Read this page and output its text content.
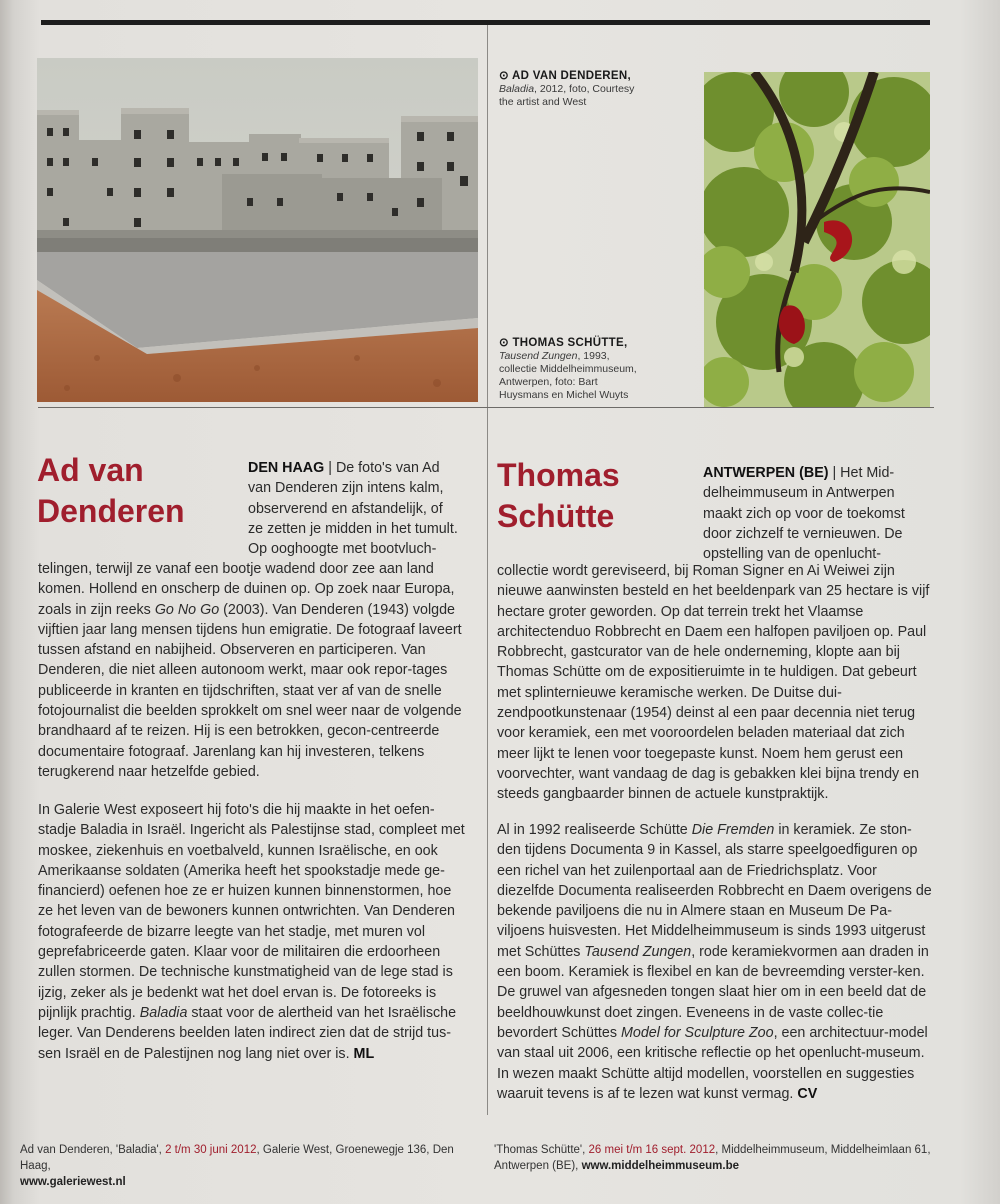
⊙ AD VAN DENDEREN,
Baladia, 2012, foto, Courtesy the artist and West
⊙ THOMAS SCHÜTTE,
Tausend Zungen, 1993, collectie Middelheimmuseum, Antwerpen, foto: Bart Huysmans en Michel Wuyts
Ad van Denderen

DEN HAAG | De foto's van Ad van Denderen zijn intens kalm, observerend en afstandelijk, of ze zetten je midden in het tumult. Op ooghoogte met bootvluch-

telingen, terwijl ze vanaf een bootje wadend door zee aan land komen. Hollend en onscherp de duinen op. Op zoek naar Europa, zoals in zijn reeks Go No Go (2003). Van Denderen (1943) volgde vijftien jaar lang mensen tijdens hun emigratie. De fotograaf laveert tussen afstand en nabijheid. Observeren en participeren. Van Denderen, die niet alleen autonoom werkt, maar ook repor-tages publiceerde in kranten en tijdschriften, staat ver af van de snelle fotojournalist die beelden sprokkelt om snel weer naar de volgende brandhaard af te reizen. Hij is een betrokken, gecon-centreerde documentaire fotograaf. Jarenlang kan hij investeren, telkens terugkerend naar hetzelfde gebied.

In Galerie West exposeert hij foto's die hij maakte in het oefen-stadje Baladia in Israël. Ingericht als Palestijnse stad, compleet met moskee, ziekenhuis en voetbalveld, kunnen Israëlische, en ook Amerikaanse soldaten (Amerika heeft het spookstadje mede ge-financierd) oefenen hoe ze er huizen kunnen binnenstormen, hoe ze het leven van de bewoners kunnen ontwrichten. Van Denderen fotografeerde de bizarre leegte van het stadje, met muren vol geprefabriceerde gaten. Klaar voor de militairen die erdoorheen zullen stormen. De technische kunstmatigheid van de lege stad is ijzig, zeker als je bedenkt wat het doel ervan is. De fotoreeks is pijnlijk prachtig. Baladia staat voor de alertheid van het Israëlische leger. Van Denderens beelden laten indirect zien dat de strijd tus-sen Israël en de Palestijnen nog lang niet over is. ML

Ad van Denderen, 'Baladia', 2 t/m 30 juni 2012, Galerie West, Groenewegje 136, Den Haag,
www.galeriewest.nl

Thomas Schütte

ANTWERPEN (BE) | Het Mid-delheimmuseum in Antwerpen maakt zich op voor de toekomst door zichzelf te vernieuwen. De opstelling van de openlucht-

collectie wordt gereviseerd, bij Roman Signer en Ai Weiwei zijn nieuwe aanwinsten besteld en het beeldenpark van 25 hectare is vijf hectare groter geworden. Op dat terrein trekt het Vlaamse architectenduo Robbrecht en Daem een halfopen paviljoen op. Paul Robbrecht, gastcurator van de hele onderneming, klopte aan bij Thomas Schütte om de expositieruimte in te huldigen. Dat gebeurt met splinternieuwe keramische werken. De Duitse dui-zendpootkunstenaar (1954) deinst al een paar decennia niet terug voor keramiek, een met vooroordelen beladen materiaal dat zich meer lijkt te lenen voor toegepaste kunst. Noem hem gerust een voorvechter, want vandaag de dag is gebakken klei bijna trendy en steeds gangbaarder binnen de actuele kunstpraktijk.

Al in 1992 realiseerde Schütte Die Fremden in keramiek. Ze ston-den tijdens Documenta 9 in Kassel, als starre speelgoedfiguren op een richel van het zuilenportaal aan de Friedrichsplatz. Voor diezelfde Documenta realiseerden Robbrecht en Daem overigens de bekende paviljoens die nu in Almere staan en Museum De Pa-viljoens huisvesten. Het Middelheimmuseum is sinds 1993 uitgerust met Schüttes Tausend Zungen, rode keramiekvormen aan draden in een boom. Keramiek is flexibel en kan de bevreemding verster-ken. De gruwel van afgesneden tongen slaat hier om in een beeld dat de beeldhouwkunst doet zingen. Eveneens in de vaste collec-tie bevordert Schüttes Model for Sculpture Zoo, een architectuur-model van staal uit 2006, een kritische reflectie op het openlucht-museum. In wezen maakt Schütte altijd modellen, voorstellen en suggesties waaruit tevens is af te lezen wat kunst vermag. CV

'Thomas Schütte', 26 mei t/m 16 sept. 2012, Middelheimmuseum, Middelheimlaan 61,
Antwerpen (BE), www.middelheimmuseum.be
